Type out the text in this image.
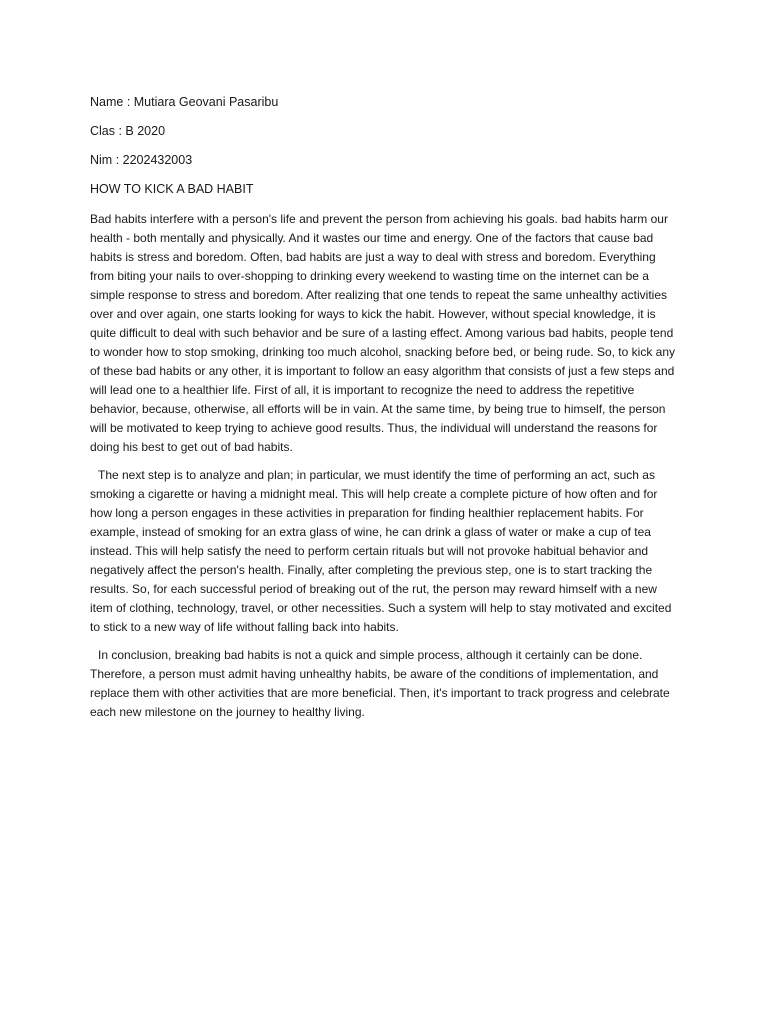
Name : Mutiara Geovani Pasaribu

Clas : B 2020

Nim : 2202432003

HOW TO KICK A BAD HABIT

Bad habits interfere with a person's life and prevent the person from achieving his goals. bad habits harm our health - both mentally and physically. And it wastes our time and energy. One of the factors that cause bad habits is stress and boredom. Often, bad habits are just a way to deal with stress and boredom. Everything from biting your nails to over-shopping to drinking every weekend to wasting time on the internet can be a simple response to stress and boredom. After realizing that one tends to repeat the same unhealthy activities over and over again, one starts looking for ways to kick the habit. However, without special knowledge, it is quite difficult to deal with such behavior and be sure of a lasting effect. Among various bad habits, people tend to wonder how to stop smoking, drinking too much alcohol, snacking before bed, or being rude. So, to kick any of these bad habits or any other, it is important to follow an easy algorithm that consists of just a few steps and will lead one to a healthier life. First of all, it is important to recognize the need to address the repetitive behavior, because, otherwise, all efforts will be in vain. At the same time, by being true to himself, the person will be motivated to keep trying to achieve good results. Thus, the individual will understand the reasons for doing his best to get out of bad habits.

The next step is to analyze and plan; in particular, we must identify the time of performing an act, such as smoking a cigarette or having a midnight meal. This will help create a complete picture of how often and for how long a person engages in these activities in preparation for finding healthier replacement habits. For example, instead of smoking for an extra glass of wine, he can drink a glass of water or make a cup of tea instead. This will help satisfy the need to perform certain rituals but will not provoke habitual behavior and negatively affect the person's health. Finally, after completing the previous step, one is to start tracking the results. So, for each successful period of breaking out of the rut, the person may reward himself with a new item of clothing, technology, travel, or other necessities. Such a system will help to stay motivated and excited to stick to a new way of life without falling back into habits.

In conclusion, breaking bad habits is not a quick and simple process, although it certainly can be done. Therefore, a person must admit having unhealthy habits, be aware of the conditions of implementation, and replace them with other activities that are more beneficial. Then, it's important to track progress and celebrate each new milestone on the journey to healthy living.
